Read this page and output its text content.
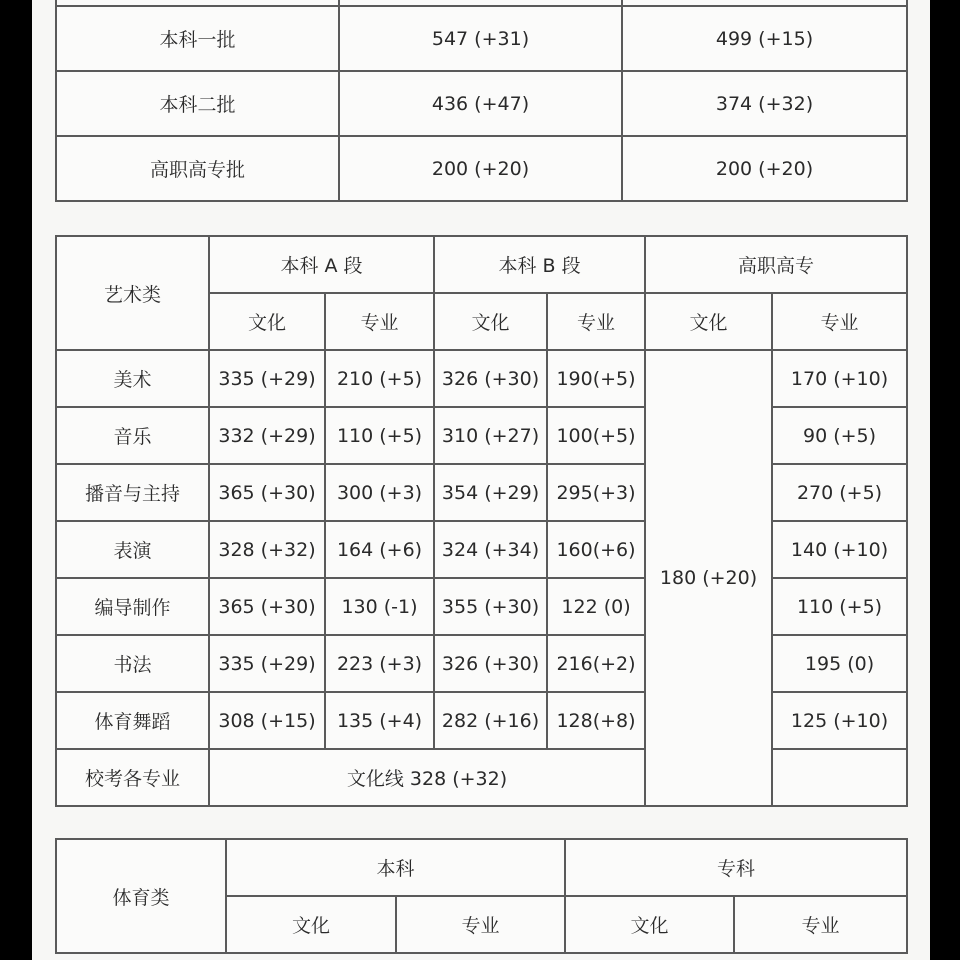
本科一批	547 (+31)	499 (+15)
本科二批	436 (+47)	374 (+32)
高职高专批	200 (+20)	200 (+20)
艺术类	本科 A 段		本科 B 段		高职高专	
	文化	专业	文化	专业	文化	专业
美术	335 (+29)	210 (+5)	326 (+30)	190(+5)	180 (+20)	170 (+10)
音乐	332 (+29)	110 (+5)	310 (+27)	100(+5)		90 (+5)
播音与主持	365 (+30)	300 (+3)	354 (+29)	295(+3)		270 (+5)
表演	328 (+32)	164 (+6)	324 (+34)	160(+6)		140 (+10)
编导制作	365 (+30)	130 (-1)	355 (+30)	122 (0)		110 (+5)
书法	335 (+29)	223 (+3)	326 (+30)	216(+2)		195 (0)
体育舞蹈	308 (+15)	135 (+4)	282 (+16)	128(+8)		125 (+10)
校考各专业	文化线 328 (+32)					
体育类	本科		专科	
	文化	专业	文化	专业
